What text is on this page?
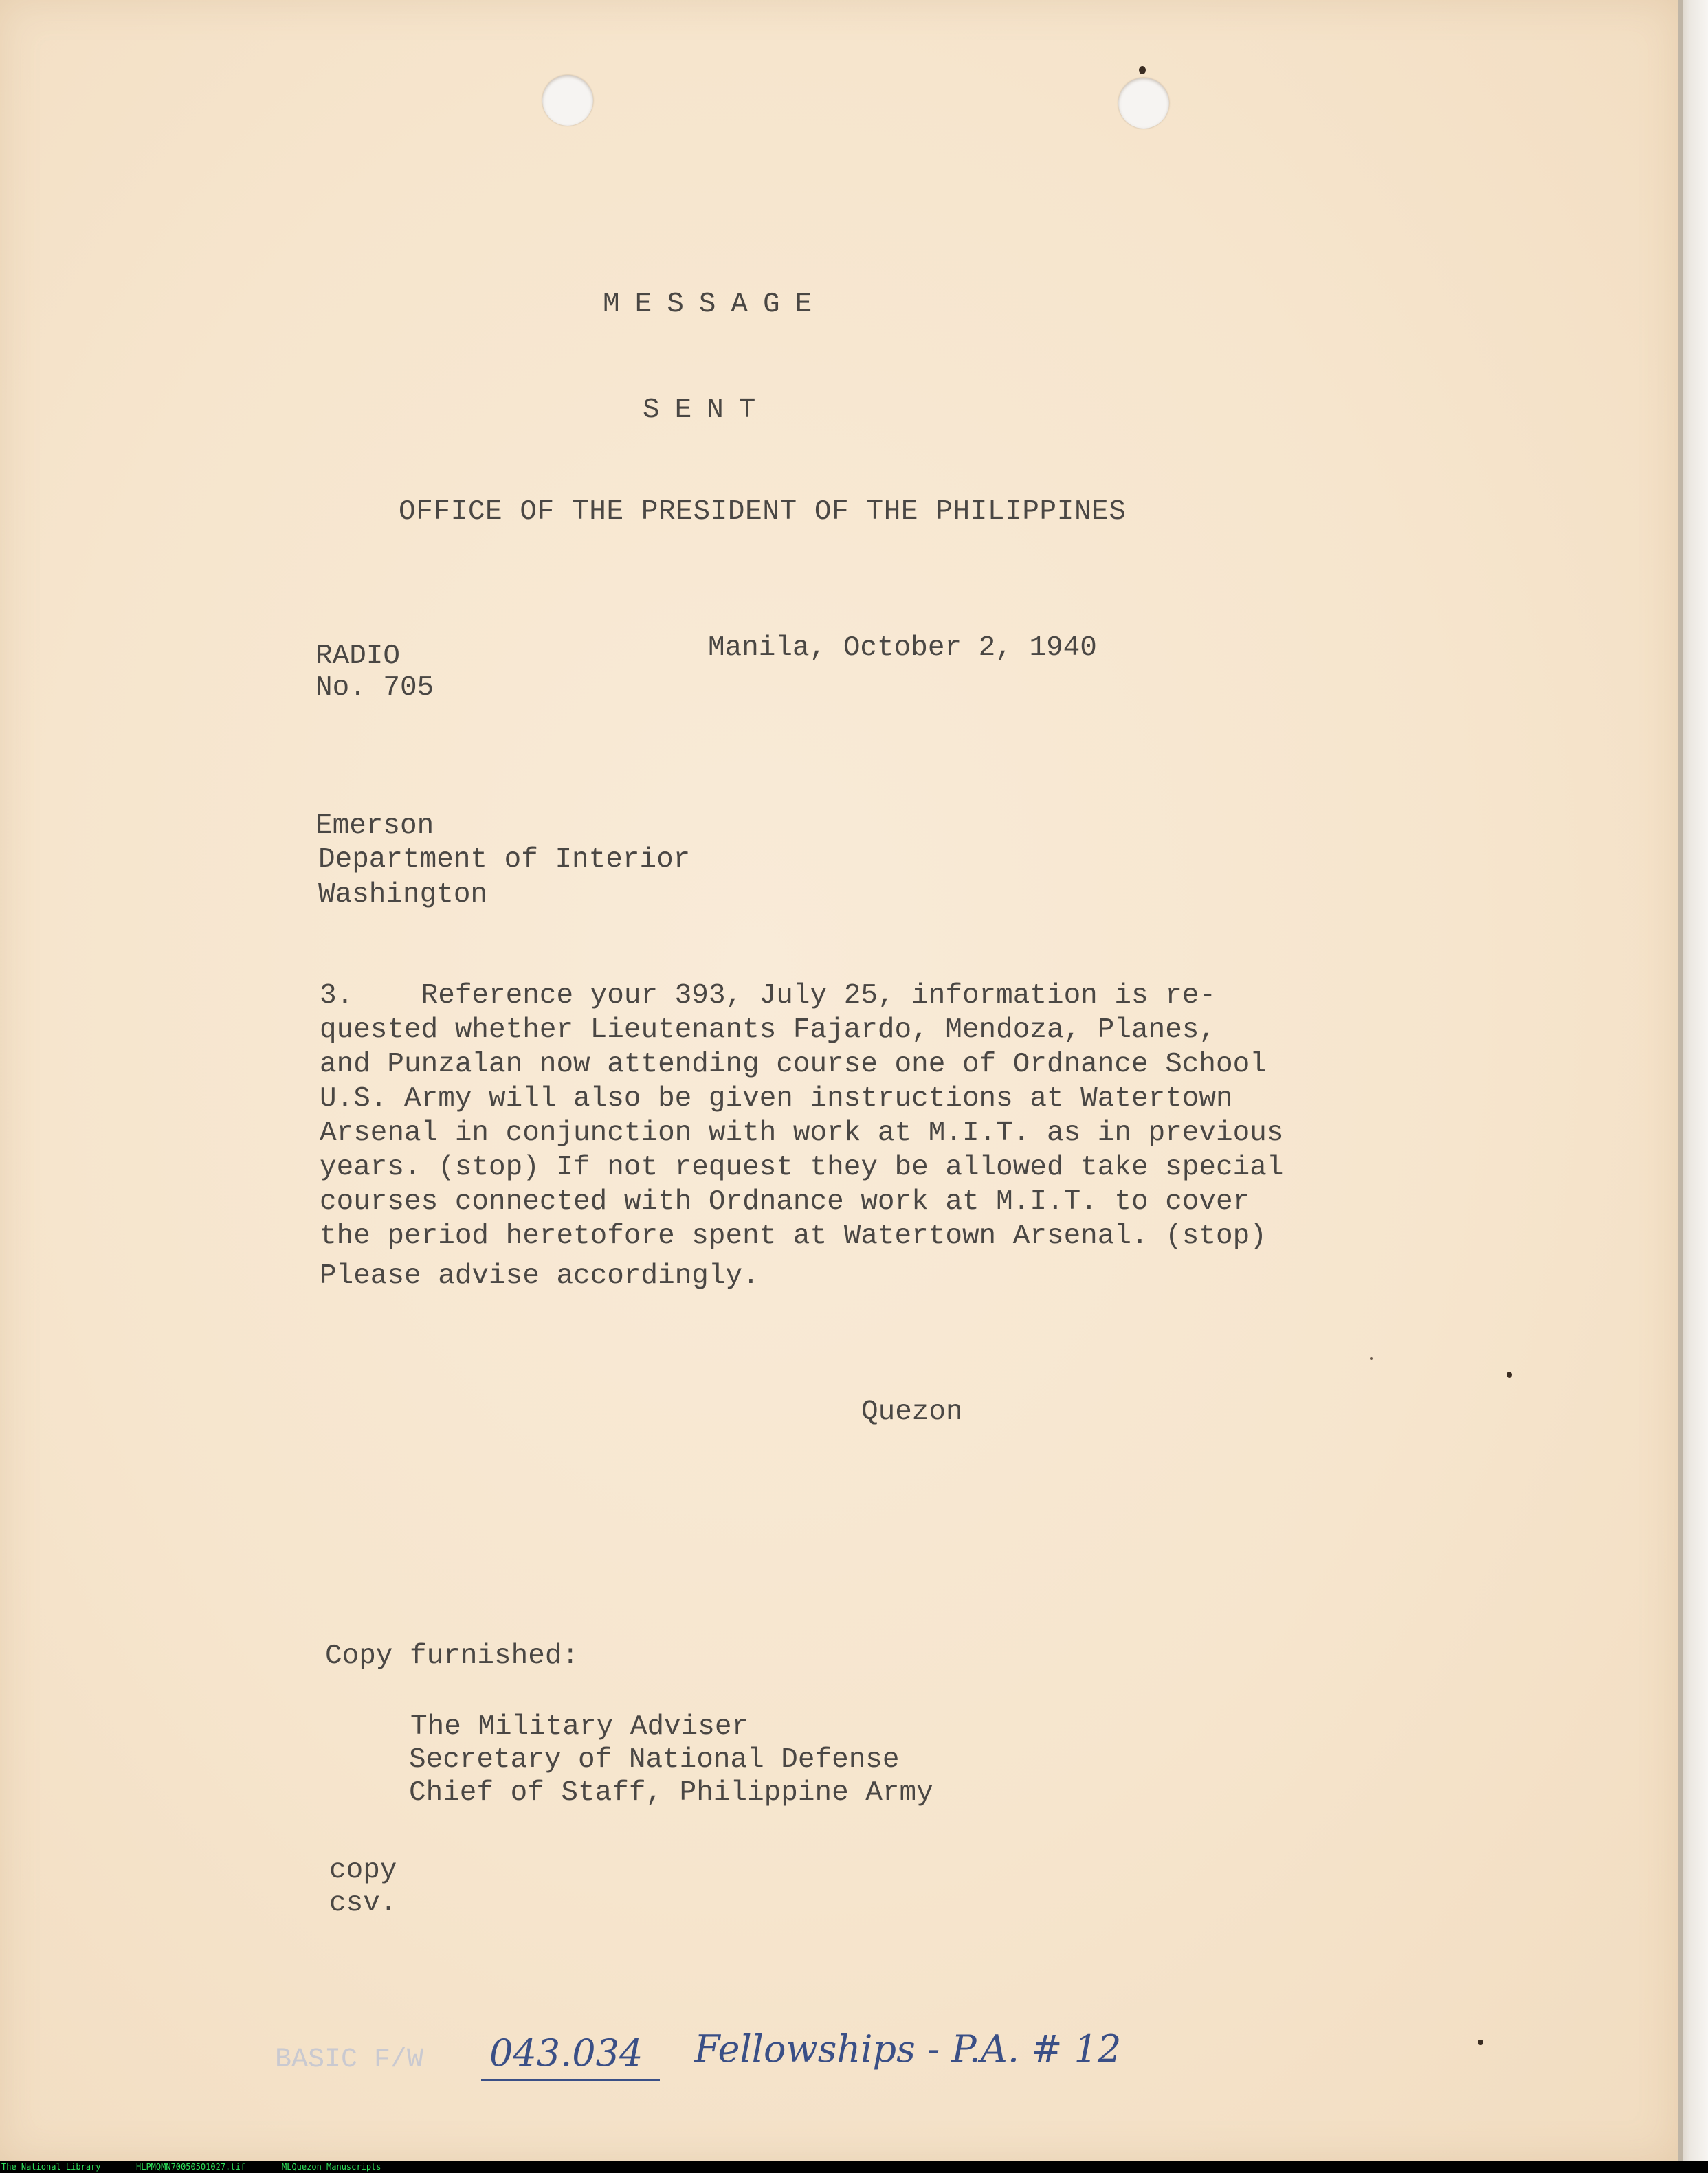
MESSAGE
SENT
OFFICE OF THE PRESIDENT OF THE PHILIPPINES
RADIO
No. 705
Manila, October 2, 1940
Emerson
Department of Interior
Washington
3.    Reference your 393, July 25, information is re-
quested whether Lieutenants Fajardo, Mendoza, Planes,
and Punzalan now attending course one of Ordnance School
U.S. Army will also be given instructions at Watertown
Arsenal in conjunction with work at M.I.T. as in previous
years. (stop) If not request they be allowed take special
courses connected with Ordnance work at M.I.T. to cover
the period heretofore spent at Watertown Arsenal. (stop)
Please advise accordingly.
Quezon
Copy furnished:
The Military Adviser
Secretary of National Defense
Chief of Staff, Philippine Army
copy
csv.
BASIC F/W 043.034 Fellowships - P.A. # 12
The National Library	HLPMQMN70050501027.tif	MLQuezon Manuscripts
